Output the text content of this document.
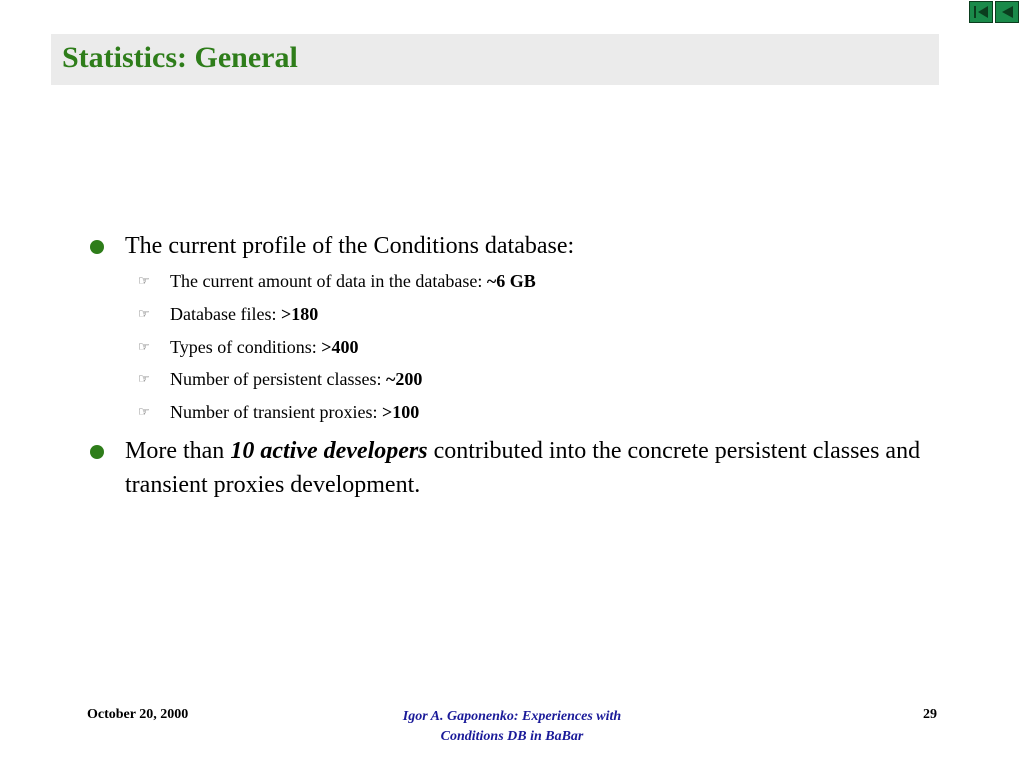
Statistics: General
The current profile of the Conditions database:
☞ The current amount of data in the database: ~6 GB
☞ Database files: >180
☞ Types of conditions: >400
☞ Number of persistent classes: ~200
☞ Number of transient proxies: >100
More than 10 active developers contributed into the concrete persistent classes and transient proxies development.
October 20, 2000	Igor A. Gaponenko: Experiences with
Conditions DB in BaBar
29
